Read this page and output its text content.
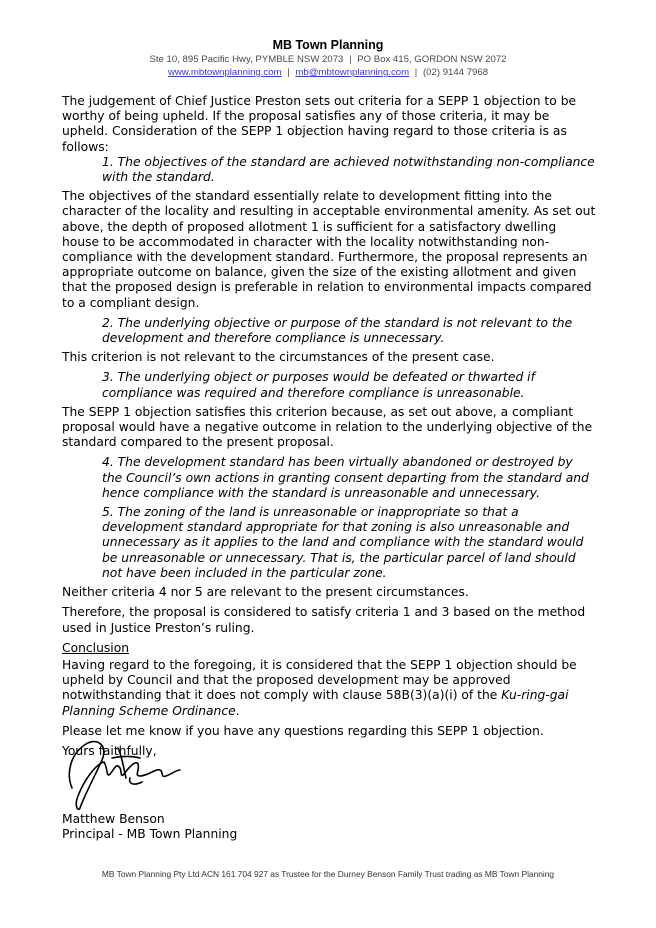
MB Town Planning
Ste 10, 895 Pacific Hwy, PYMBLE NSW 2073 | PO Box 415, GORDON NSW 2072
www.mbtownplanning.com | mb@mbtownplanning.com | (02) 9144 7968

The judgement of Chief Justice Preston sets out criteria for a SEPP 1 objection to be worthy of being upheld. If the proposal satisfies any of those criteria, it may be upheld. Consideration of the SEPP 1 objection having regard to those criteria is as follows:

1. The objectives of the standard are achieved notwithstanding non-compliance with the standard.

The objectives of the standard essentially relate to development fitting into the character of the locality and resulting in acceptable environmental amenity. As set out above, the depth of proposed allotment 1 is sufficient for a satisfactory dwelling house to be accommodated in character with the locality notwithstanding non-compliance with the development standard. Furthermore, the proposal represents an appropriate outcome on balance, given the size of the existing allotment and given that the proposed design is preferable in relation to environmental impacts compared to a compliant design.

2. The underlying objective or purpose of the standard is not relevant to the development and therefore compliance is unnecessary.

This criterion is not relevant to the circumstances of the present case.

3. The underlying object or purposes would be defeated or thwarted if compliance was required and therefore compliance is unreasonable.

The SEPP 1 objection satisfies this criterion because, as set out above, a compliant proposal would have a negative outcome in relation to the underlying objective of the standard compared to the present proposal.

4. The development standard has been virtually abandoned or destroyed by the Council’s own actions in granting consent departing from the standard and hence compliance with the standard is unreasonable and unnecessary.

5. The zoning of the land is unreasonable or inappropriate so that a development standard appropriate for that zoning is also unreasonable and unnecessary as it applies to the land and compliance with the standard would be unreasonable or unnecessary. That is, the particular parcel of land should not have been included in the particular zone.

Neither criteria 4 nor 5 are relevant to the present circumstances.

Therefore, the proposal is considered to satisfy criteria 1 and 3 based on the method used in Justice Preston’s ruling.

Conclusion

Having regard to the foregoing, it is considered that the SEPP 1 objection should be upheld by Council and that the proposed development may be approved notwithstanding that it does not comply with clause 58B(3)(a)(i) of the Ku-ring-gai Planning Scheme Ordinance.

Please let me know if you have any questions regarding this SEPP 1 objection.

Yours faithfully,

Matthew Benson
Principal - MB Town Planning
MB Town Planning Pty Ltd ACN 161 704 927 as Trustee for the Durney Benson Family Trust trading as MB Town Planning
